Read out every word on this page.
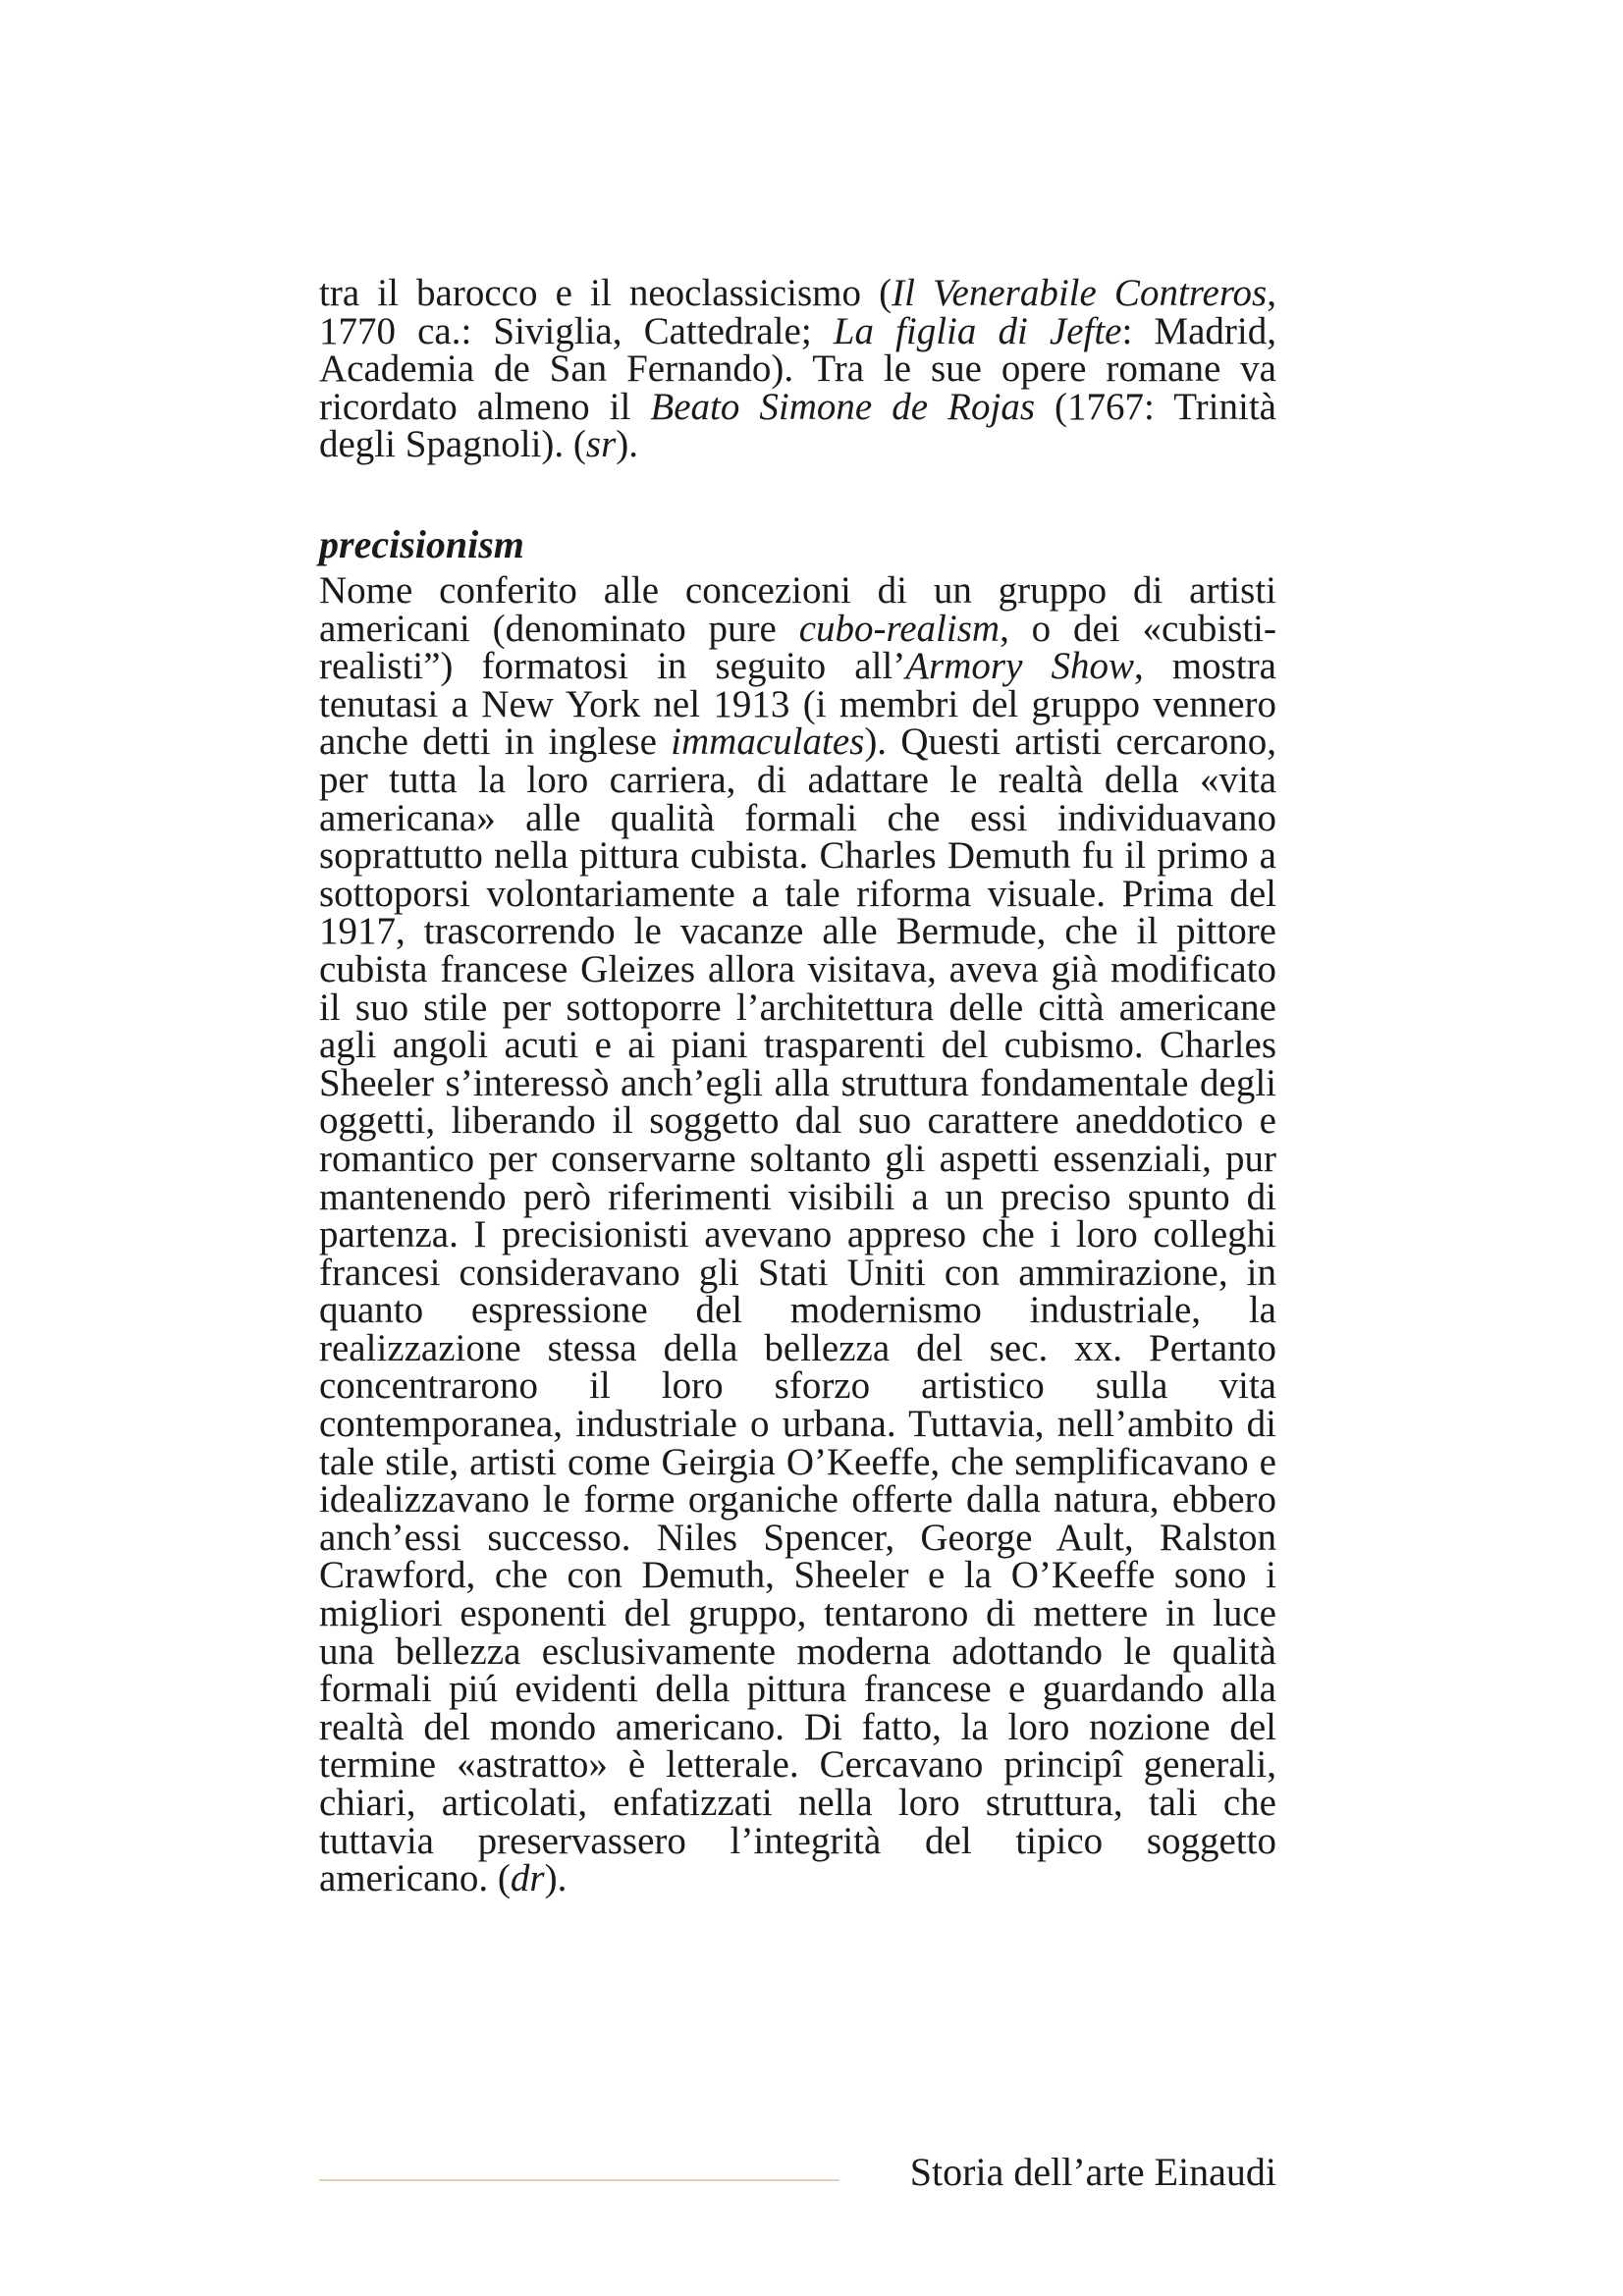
tra il barocco e il neoclassicismo (Il Venerabile Contreros, 1770 ca.: Siviglia, Cattedrale; La figlia di Jefte: Madrid, Academia de San Fernando). Tra le sue opere romane va ricordato almeno il Beato Simone de Rojas (1767: Trinità degli Spagnoli). (sr).

precisionism

Nome conferito alle concezioni di un gruppo di artisti americani (denominato pure cubo-realism, o dei «cubisti-realisti”) formatosi in seguito all’Armory Show, mostra tenutasi a New York nel 1913 (i membri del gruppo vennero anche detti in inglese immaculates). Questi artisti cercarono, per tutta la loro carriera, di adattare le realtà della «vita americana» alle qualità formali che essi individuavano soprattutto nella pittura cubista. Charles Demuth fu il primo a sottoporsi volontariamente a tale riforma visuale. Prima del 1917, trascorrendo le vacanze alle Bermude, che il pittore cubista francese Gleizes allora visitava, aveva già modificato il suo stile per sottoporre l’architettura delle città americane agli angoli acuti e ai piani trasparenti del cubismo. Charles Sheeler s’interessò anch’egli alla struttura fondamentale degli oggetti, liberando il soggetto dal suo carattere aneddotico e romantico per conservarne soltanto gli aspetti essenziali, pur mantenendo però riferimenti visibili a un preciso spunto di partenza. I precisionisti avevano appreso che i loro colleghi francesi consideravano gli Stati Uniti con ammirazione, in quanto espressione del modernismo industriale, la realizzazione stessa della bellezza del sec. xx. Pertanto concentrarono il loro sforzo artistico sulla vita contemporanea, industriale o urbana. Tuttavia, nell’ambito di tale stile, artisti come Geirgia O’Keeffe, che semplificavano e idealizzavano le forme organiche offerte dalla natura, ebbero anch’essi successo. Niles Spencer, George Ault, Ralston Crawford, che con Demuth, Sheeler e la O’Keeffe sono i migliori esponenti del gruppo, tentarono di mettere in luce una bellezza esclusivamente moderna adottando le qualità formali piú evidenti della pittura francese e guardando alla realtà del mondo americano. Di fatto, la loro nozione del termine «astratto» è letterale. Cercavano principî generali, chiari, articolati, enfatizzati nella loro struttura, tali che tuttavia preservassero l’integrità del tipico soggetto americano. (dr).

Storia dell’arte Einaudi
